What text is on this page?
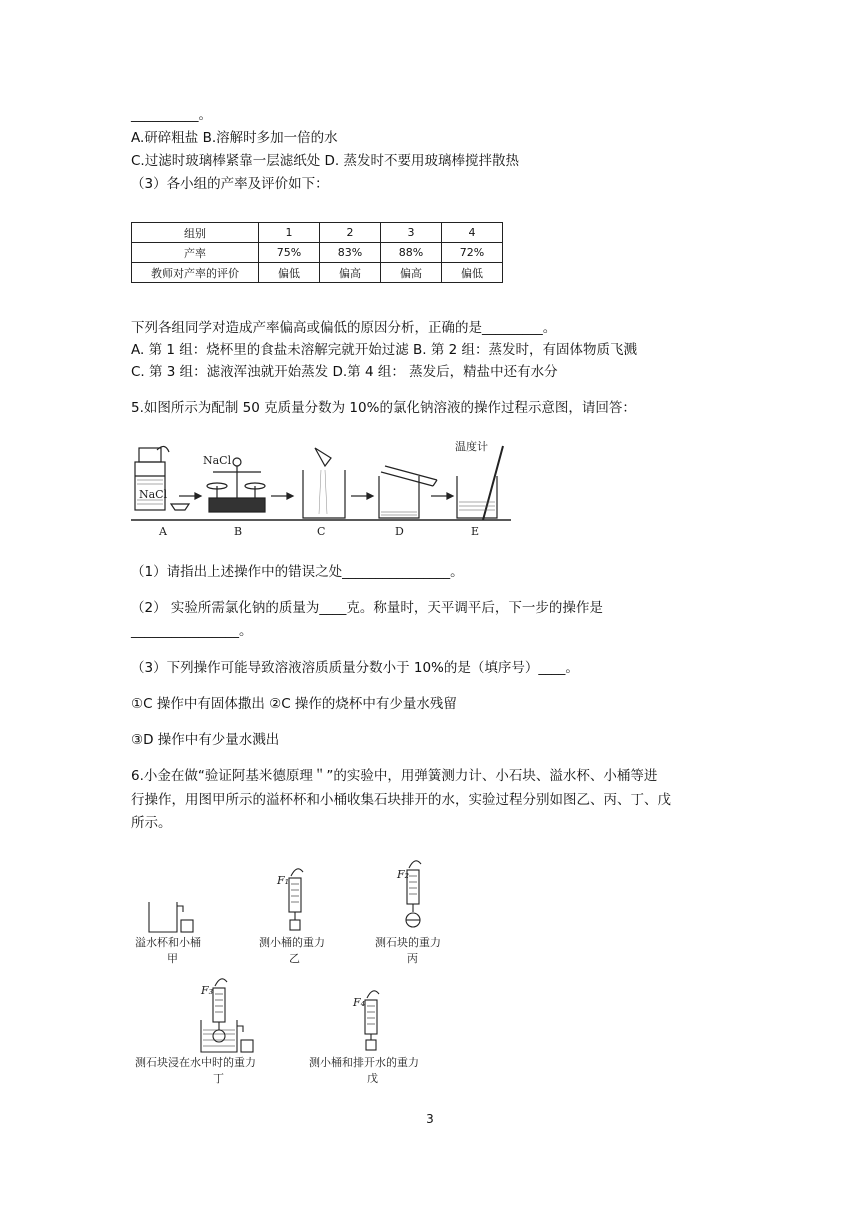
__________。
A.研碎粗盐 B.溶解时多加一倍的水
C.过滤时玻璃棒紧靠一层滤纸处 D. 蒸发时不要用玻璃棒搅拌散热
（3）各小组的产率及评价如下：
组别	1	2	3	4
产率	75%	83%	88%	72%
教师对产率的评价	偏低	偏高	偏高	偏低
下列各组同学对造成产率偏高或偏低的原因分析，正确的是_________。
A. 第 1 组：烧杯里的食盐未溶解完就开始过滤 B. 第 2 组：蒸发时，有固体物质飞溅
C. 第 3 组：滤液浑浊就开始蒸发 D.第 4 组： 蒸发后，精盐中还有水分
5.如图所示为配制 50 克质量分数为 10%的氯化钠溶液的操作过程示意图，请回答：
NaCl
NaCl
温度计
A	B	C	D	E
（1）请指出上述操作中的错误之处________________。
（2） 实验所需氯化钠的质量为____克。称量时，天平调平后，下一步的操作是
________________。
（3）下列操作可能导致溶液溶质质量分数小于 10%的是（填序号）____。
①C 操作中有固体撒出 ②C 操作的烧杯中有少量水残留
③D 操作中有少量水溅出
6.小金在做“验证阿基米德原理＂”的实验中，用弹簧测力计、小石块、溢水杯、小桶等进
行操作，用图甲所示的溢杯杯和小桶收集石块排开的水，实验过程分别如图乙、丙、丁、戊
所示。
F₁	F₂
F₃
F₄
溢水杯和小桶
甲
测小桶的重力
乙
测石块的重力
丙
测石块浸在水中时的重力
丁
测小桶和排开水的重力
戊
3
